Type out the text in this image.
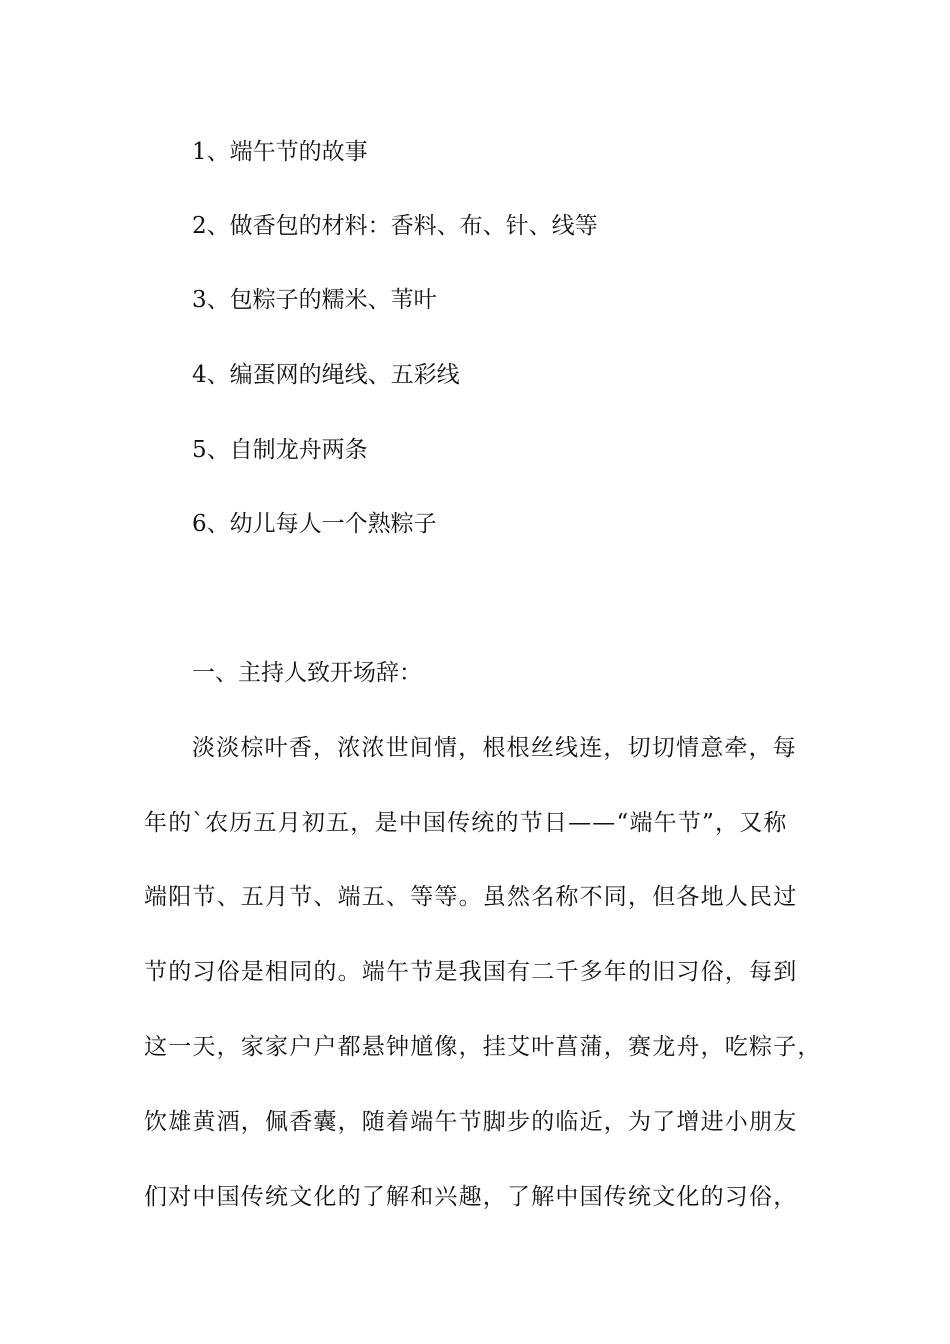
1、端午节的故事
2、做香包的材料：香料、布、针、线等
3、包粽子的糯米、苇叶
4、编蛋网的绳线、五彩线
5、自制龙舟两条
6、幼儿每人一个熟粽子
一、主持人致开场辞：
淡淡棕叶香，浓浓世间情，根根丝线连，切切情意牵，每
年的`农历五月初五，是中国传统的节日——“端午节”，又称
端阳节、五月节、端五、等等。虽然名称不同，但各地人民过
节的习俗是相同的。端午节是我国有二千多年的旧习俗，每到
这一天，家家户户都悬钟馗像，挂艾叶菖蒲，赛龙舟，吃粽子，
饮雄黄酒，佩香囊，随着端午节脚步的临近，为了增进小朋友
们对中国传统文化的了解和兴趣，了解中国传统文化的习俗，
